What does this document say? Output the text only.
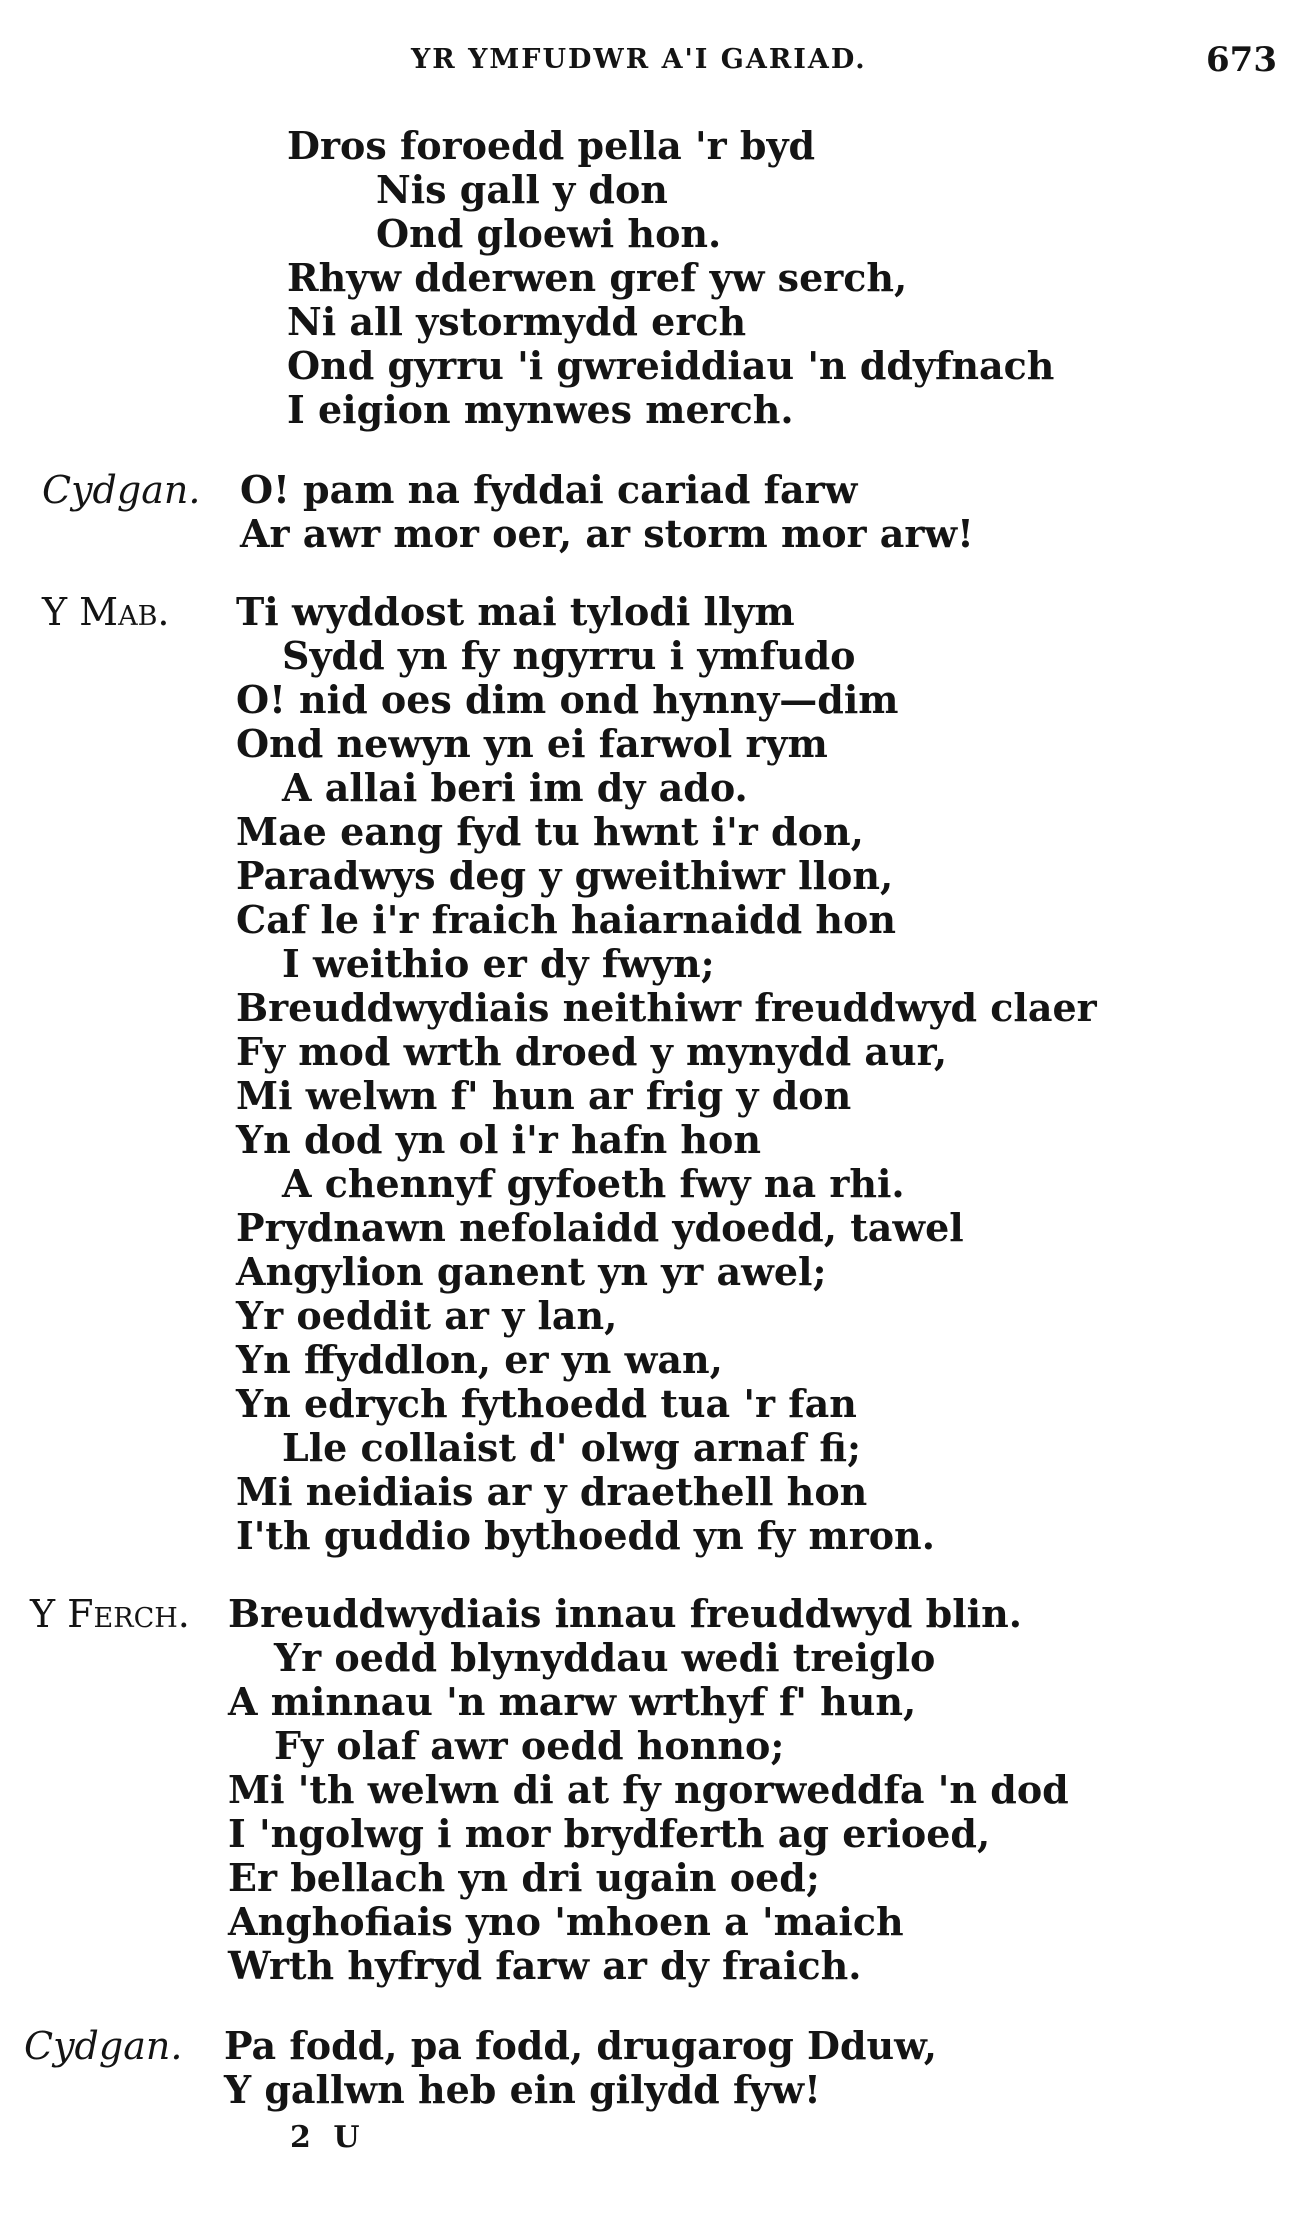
YR YMFUDWR A'I GARIAD.	673
Dros foroedd pella 'r byd
Nis gall y don
Ond gloewi hon.
Rhyw dderwen gref yw serch,
Ni all ystormydd erch
Ond gyrru 'i gwreiddiau 'n ddyfnach
I eigion mynwes merch.
Cydgan. O! pam na fyddai cariad farw
Ar awr mor oer, ar storm mor arw!
Y Mab. Ti wyddost mai tylodi llym
Sydd yn fy ngyrru i ymfudo
O! nid oes dim ond hynny—dim
Ond newyn yn ei farwol rym
A allai beri im dy ado.
Mae eang fyd tu hwnt i'r don,
Paradwys deg y gweithiwr llon,
Caf le i'r fraich haiarnaidd hon
I weithio er dy fwyn;
Breuddwydiais neithiwr freuddwyd claer
Fy mod wrth droed y mynydd aur,
Mi welwn f' hun ar frig y don
Yn dod yn ol i'r hafn hon
A chennyf gyfoeth fwy na rhi.
Prydnawn nefolaidd ydoedd, tawel
Angylion ganent yn yr awel;
Yr oeddit ar y lan,
Yn ffyddlon, er yn wan,
Yn edrych fythoedd tua 'r fan
Lle collaist d' olwg arnaf fi;
Mi neidiais ar y draethell hon
I'th guddio bythoedd yn fy mron.
Y Ferch. Breuddwydiais innau freuddwyd blin.
Yr oedd blynyddau wedi treiglo
A minnau 'n marw wrthyf f' hun,
Fy olaf awr oedd honno;
Mi 'th welwn di at fy ngorweddfa 'n dod
I 'ngolwg i mor brydferth ag erioed,
Er bellach yn dri ugain oed;
Anghofiais yno 'mhoen a 'maich
Wrth hyfryd farw ar dy fraich.
Cydgan. Pa fodd, pa fodd, drugarog Dduw,
Y gallwn heb ein gilydd fyw!
2 U
